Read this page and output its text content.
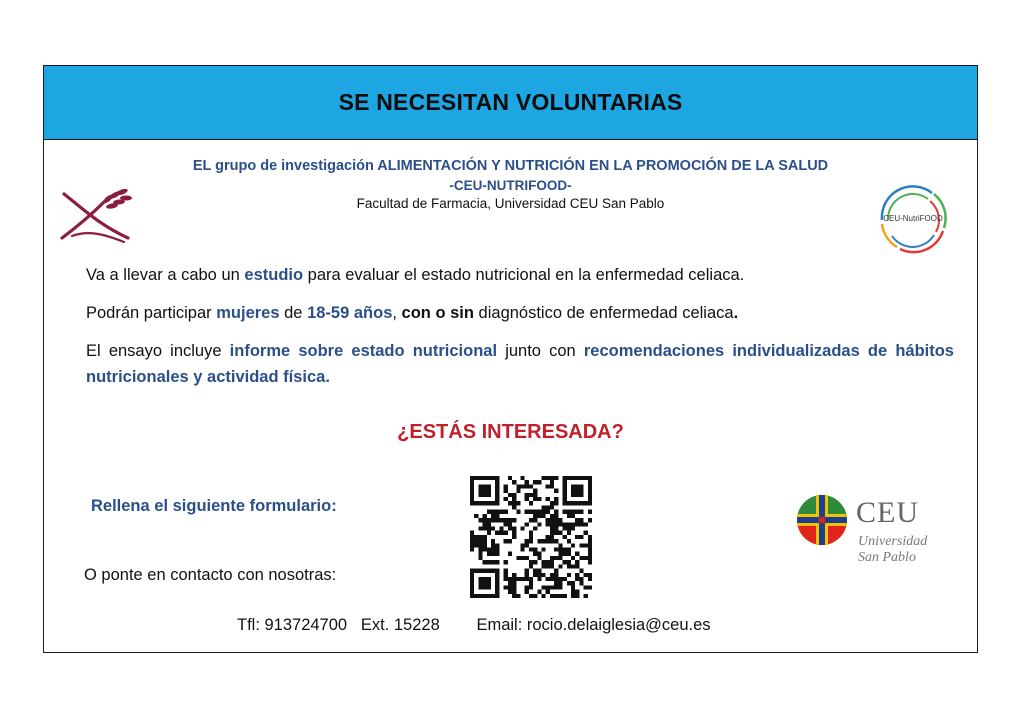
SE NECESITAN VOLUNTARIAS
EL grupo de investigación ALIMENTACIÓN Y NUTRICIÓN EN LA PROMOCIÓN DE LA SALUD
-CEU-NUTRIFOOD-
Facultad de Farmacia, Universidad CEU San Pablo
CEU-NutriFOOD
Va a llevar a cabo un estudio para evaluar el estado nutricional en la enfermedad celiaca.
Podrán participar mujeres de 18-59 años, con o sin diagnóstico de enfermedad celiaca.
El ensayo incluye informe sobre estado nutricional junto con recomendaciones individualizadas de hábitos nutricionales y actividad física.
¿ESTÁS INTERESADA?
Rellena el siguiente formulario:
O ponte en contacto con nosotras:
CEU
Universidad
San Pablo
Tfl: 913724700 Ext. 15228 Email: rocio.delaiglesia@ceu.es
